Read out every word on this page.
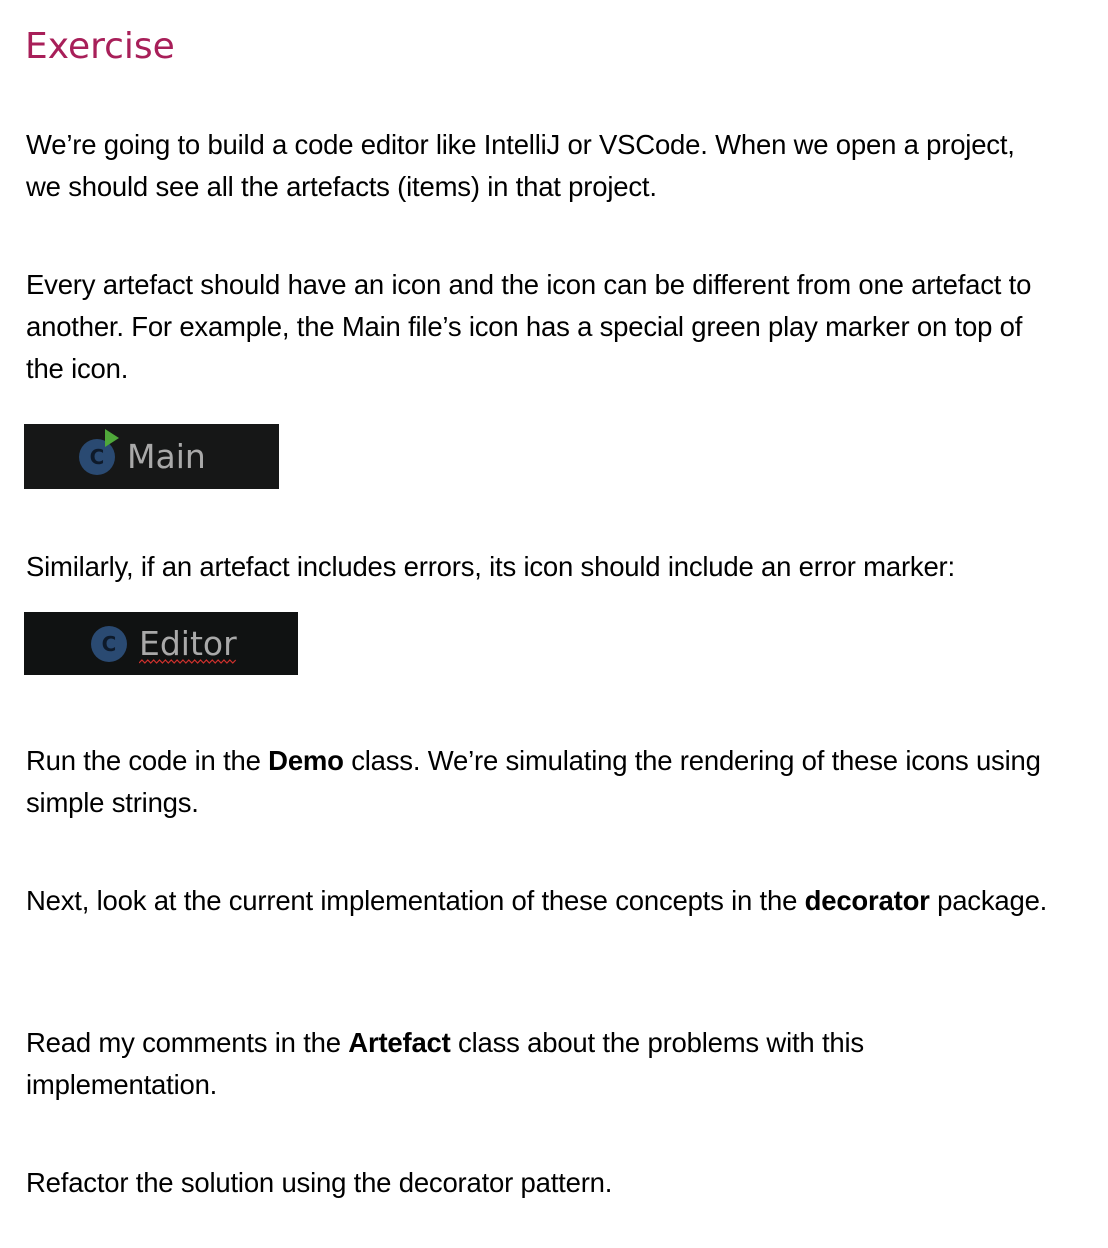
Exercise

We’re going to build a code editor like IntelliJ or VSCode. When we open a project, we should see all the artefacts (items) in that project.

Every artefact should have an icon and the icon can be different from one artefact to another. For example, the Main file’s icon has a special green play marker on top of the icon.

C Main

Similarly, if an artefact includes errors, its icon should include an error marker:

C Editor

Run the code in the Demo class. We’re simulating the rendering of these icons using simple strings.

Next, look at the current implementation of these concepts in the decorator package.

Read my comments in the Artefact class about the problems with this implementation.

Refactor the solution using the decorator pattern.
